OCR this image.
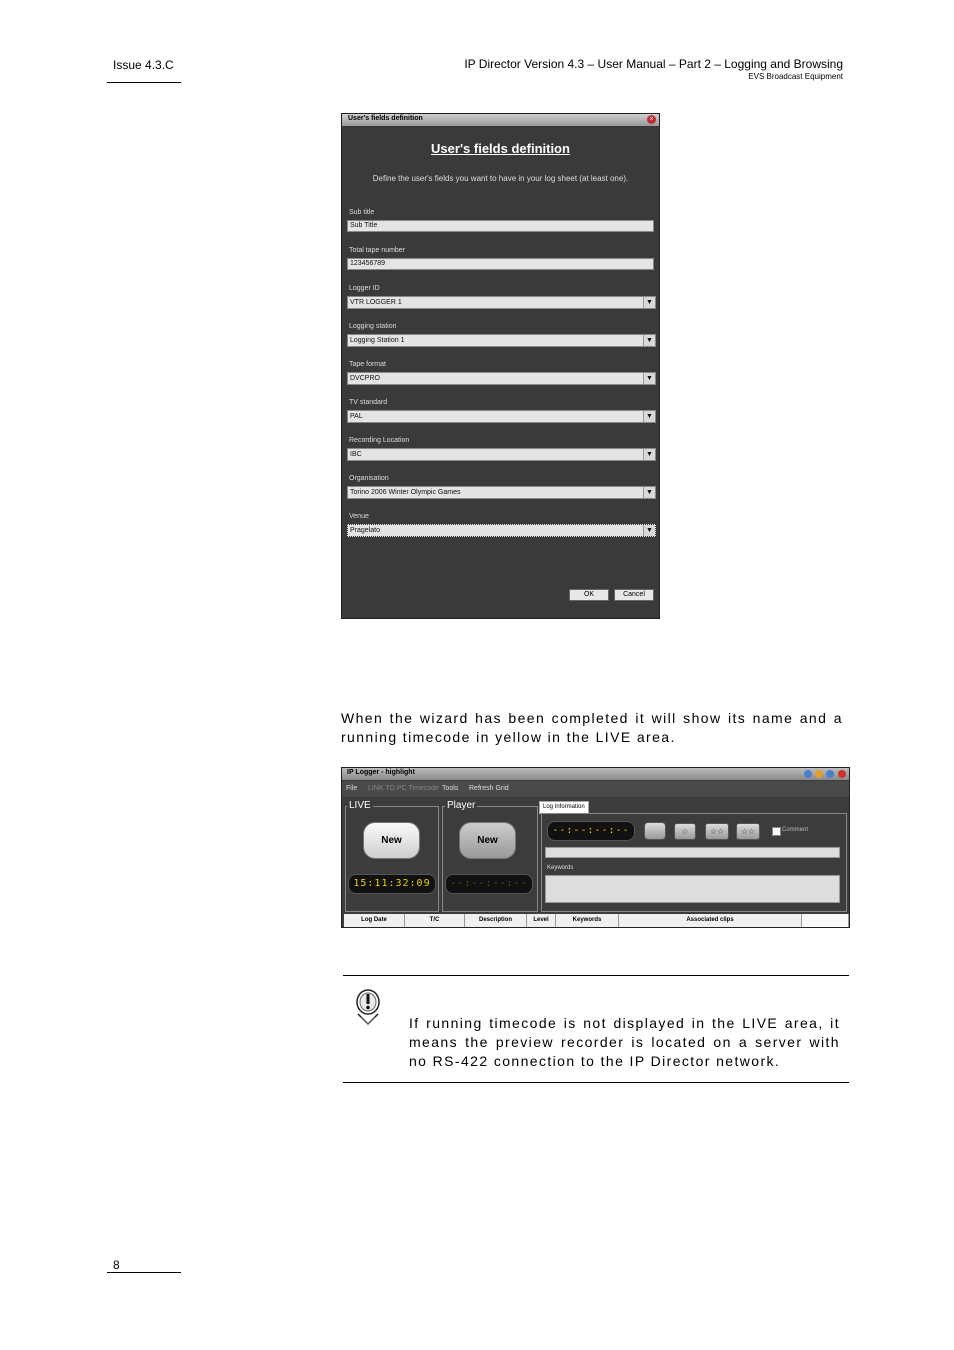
Issue 4.3.C	IP Director Version 4.3 – User Manual – Part 2 – Logging and Browsing
EVS Broadcast Equipment
User's fields definition	×
User's fields definition
Define the user's fields you want to have in your log sheet (at least one).
Sub title
Sub Title
Total tape number
123456789
Logger ID
VTR LOGGER 1	▼
Logging station
Logging Station 1	▼
Tape format
DVCPRO	▼
TV standard
PAL	▼
Recording Location
IBC	▼
Organisation
Torino 2006 Winter Olympic Games	▼
Venue
Pragelato	▼
OK	Cancel
When the wizard has been completed it will show its name and a running timecode in yellow in the LIVE area.
IP Logger - highlight
File LINK TO PC Timecode Tools Refresh Grid
LIVE
New
15:11:32:09
Player
New
--:--:--:--
Log Information
--:--:--:--	☆	☆☆	☆☆	Comment
Keywords
Log Date	T/C	Description	Level	Keywords	Associated clips
If running timecode is not displayed in the LIVE area, it means the preview recorder is located on a server with no RS-422 connection to the IP Director network.
8
